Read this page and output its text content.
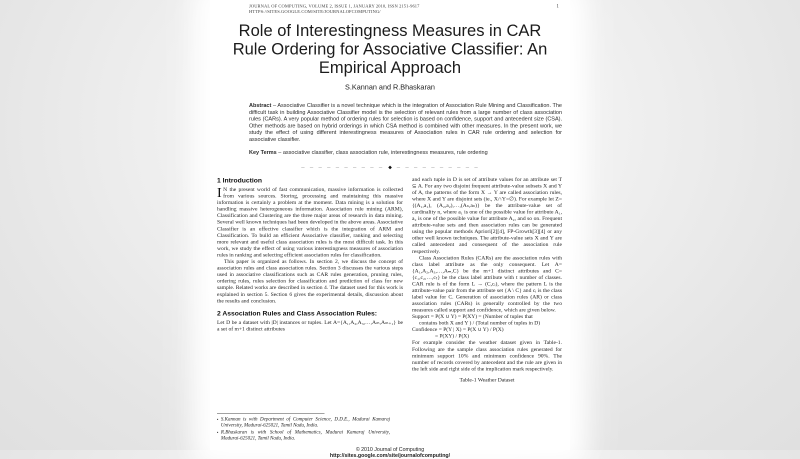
JOURNAL OF COMPUTING, VOLUME 2, ISSUE 1, JANUARY 2010, ISSN 2151-9617
HTTPS://SITES.GOOGLE.COM/SITE/JOURNALOFCOMPUTING/
1
Role of Interestingness Measures in CAR Rule Ordering for Associative Classifier: An Empirical Approach
S.Kannan and R.Bhaskaran
Abstract – Associative Classifier is a novel technique which is the integration of Association Rule Mining and Classification. The difficult task in building Associative Classifier model is the selection of relevant rules from a large number of class association rules (CARs). A very popular method of ordering rules for selection is based on confidence, support and antecedent size (CSA). Other methods are based on hybrid orderings in which CSA method is combined with other measures. In the present work, we study the effect of using different interestingness measures of Association rules in CAR rule ordering and selection for associative classifier.
Key Terms – associative classifier, class association rule, interestingness measures, rule ordering
– – – – – – – – – – ◆ – – – – – – – – – –
1 Introduction
I N the present world of fast communication, massive information is collected from various sources. Storing, processing and maintaining this massive information is certainly a problem at the moment. Data mining is a solution for handling massive heterogeneous information. Association rule mining (ARM), Classification and Clustering are the three major areas of research in data mining. Several well known techniques had been developed in the above areas. Associative Classifier is an effective classifier which is the integration of ARM and Classification. To build an efficient Associative classifier, ranking and selecting more relevant and useful class association rules is the most difficult task. In this work, we study the effect of using various interestingness measures of association rules in ranking and selecting efficient association rules for classification.
This paper is organized as follows. In section 2, we discuss the concept of association rules and class association rules. Section 3 discusses the various steps used in associative classifications such as CAR rules generation, pruning rules, ordering rules, rules selection for classification and prediction of class for new sample. Related works are described in section 4. The dataset used for this work is explained in section 5. Section 6 gives the experimental details, discussion about the results and conclusion.
2 Association Rules and Class Association Rules:
Let D be a dataset with |D| instances or tuples. Let A={A₁,A₂,A₃,…,Aₘ,Aₘ₊₁} be a set of m+1 distinct attributes
▪ S.Kannan is with Department of Computer Science, D.D.E., Madurai Kamaraj University, Madurai-625021, Tamil Nadu, India.
▪ R.Bhaskaran is with School of Mathematics, Madurai Kamaraj University, Madurai-625021, Tamil Nadu, India.
and each tuple in D is set of attribute values for an attribute set T ⊆ A. For any two disjoint frequent attribute-value subsets X and Y of A, the patterns of the form X → Y are called association rules, where X and Y are disjoint sets (ie., X∩Y=∅). For example let Z={(A₁,a₁), (A₂,a₂),…,(Aₙ,aₙ)} be the attribute-value set of cardinality n, where a₁ is one of the possible value for attribute A₁, a₂ is one of the possible value for attribute A₂, and so on. Frequent attribute-value sets and then association rules can be generated using the popular methods Apriori[2][4], FP-Growth[3][4] or any other well known techniques. The attribute-value sets X and Y are called antecedent and consequent of the association rule respectively.
Class Association Rules (CARs) are the association rules with class label attribute as the only consequent. Let A={A₁,A₂,A₃,…,Aₘ,C} be the m+1 distinct attributes and C={c₁,c₂,…,cₜ} be the class label attribute with t number of classes. CAR rule is of the form L → (C,cᵢ), where the pattern L is the attribute-value pair from the attribute set {A \ C} and cᵢ is the class label value for C. Generation of association rules (AR) or class association rules (CARs) is generally controlled by the two measures called support and confidence, which are given below.
Support = P(X ∪ Y) = P(XY) = (Number of tuples that
contains both X and Y ) / (Total number of tuples in D)
Confidence = P(Y | X) = P(X ∪ Y) / P(X)
= P(XY) / P(X)
For example consider the weather dataset given in Table-1. Following are the sample class association rules generated for minimum support 10% and minimum confidence 90%. The number of records covered by antecedent and the rule are given in the left side and right side of the implication mark respectively.
Table-1 Weather Dataset
© 2010 Journal of Computing
http://sites.google.com/site/journalofcomputing/
